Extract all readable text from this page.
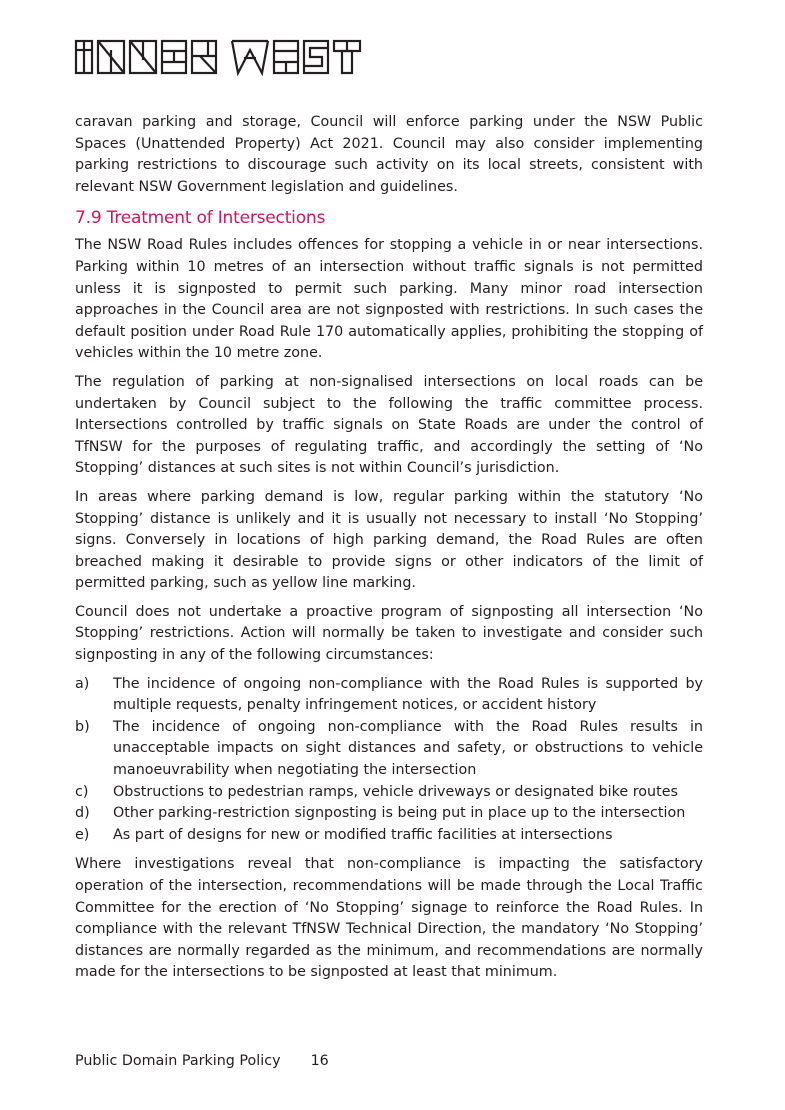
caravan parking and storage, Council will enforce parking under the NSW Public Spaces (Unattended Property) Act 2021. Council may also consider implementing parking restrictions to discourage such activity on its local streets, consistent with relevant NSW Government legislation and guidelines.

7.9 Treatment of Intersections

The NSW Road Rules includes offences for stopping a vehicle in or near intersections. Parking within 10 metres of an intersection without traffic signals is not permitted unless it is signposted to permit such parking. Many minor road intersection approaches in the Council area are not signposted with restrictions. In such cases the default position under Road Rule 170 automatically applies, prohibiting the stopping of vehicles within the 10 metre zone.

The regulation of parking at non-signalised intersections on local roads can be undertaken by Council subject to the following the traffic committee process. Intersections controlled by traffic signals on State Roads are under the control of TfNSW for the purposes of regulating traffic, and accordingly the setting of ‘No Stopping’ distances at such sites is not within Council’s jurisdiction.

In areas where parking demand is low, regular parking within the statutory ‘No Stopping’ distance is unlikely and it is usually not necessary to install ‘No Stopping’ signs. Conversely in locations of high parking demand, the Road Rules are often breached making it desirable to provide signs or other indicators of the limit of permitted parking, such as yellow line marking.

Council does not undertake a proactive program of signposting all intersection ‘No Stopping’ restrictions. Action will normally be taken to investigate and consider such signposting in any of the following circumstances:

a)	The incidence of ongoing non-compliance with the Road Rules is supported by multiple requests, penalty infringement notices, or accident history
b)	The incidence of ongoing non-compliance with the Road Rules results in unacceptable impacts on sight distances and safety, or obstructions to vehicle manoeuvrability when negotiating the intersection
c)	Obstructions to pedestrian ramps, vehicle driveways or designated bike routes
d)	Other parking-restriction signposting is being put in place up to the intersection
e)	As part of designs for new or modified traffic facilities at intersections

Where investigations reveal that non-compliance is impacting the satisfactory operation of the intersection, recommendations will be made through the Local Traffic Committee for the erection of ‘No Stopping’ signage to reinforce the Road Rules. In compliance with the relevant TfNSW Technical Direction, the mandatory ‘No Stopping’ distances are normally regarded as the minimum, and recommendations are normally made for the intersections to be signposted at least that minimum.

Public Domain Parking Policy 16
